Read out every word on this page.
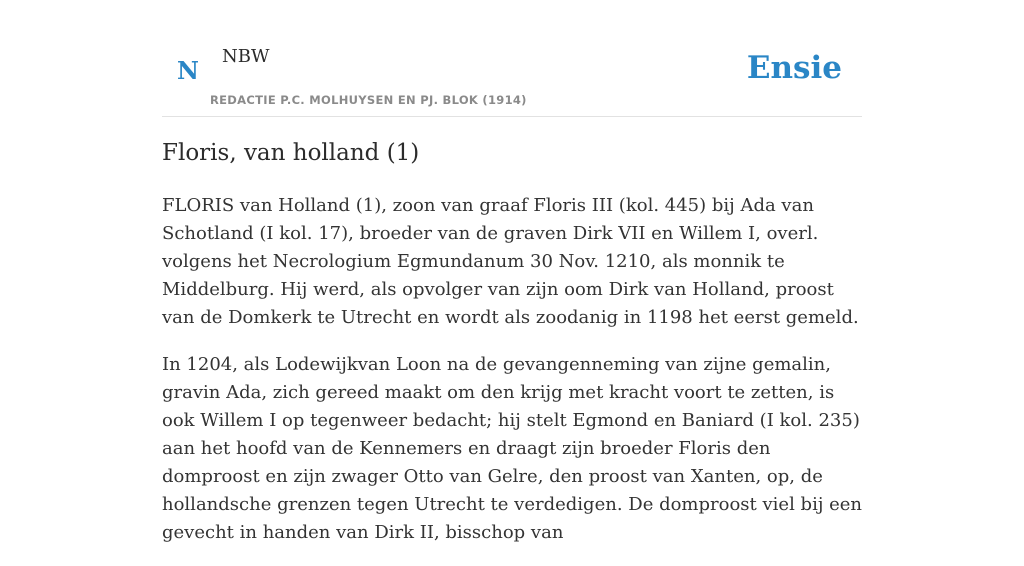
N NBW
REDACTIE P.C. MOLHUYSEN EN PJ. BLOK (1914)
Ensie
Floris, van holland (1)

FLORIS van Holland (1), zoon van graaf Floris III (kol. 445) bij Ada van Schotland (I kol. 17), broeder van de graven Dirk VII en Willem I, overl. volgens het Necrologium Egmundanum 30 Nov. 1210, als monnik te Middelburg. Hij werd, als opvolger van zijn oom Dirk van Holland, proost van de Domkerk te Utrecht en wordt als zoodanig in 1198 het eerst gemeld.

In 1204, als Lodewijkvan Loon na de gevangenneming van zijne gemalin, gravin Ada, zich gereed maakt om den krijg met kracht voort te zetten, is ook Willem I op tegenweer bedacht; hij stelt Egmond en Baniard (I kol. 235) aan het hoofd van de Kennemers en draagt zijn broeder Floris den domproost en zijn zwager Otto van Gelre, den proost van Xanten, op, de hollandsche grenzen tegen Utrecht te verdedigen. De domproost viel bij een gevecht in handen van Dirk II, bisschop van
